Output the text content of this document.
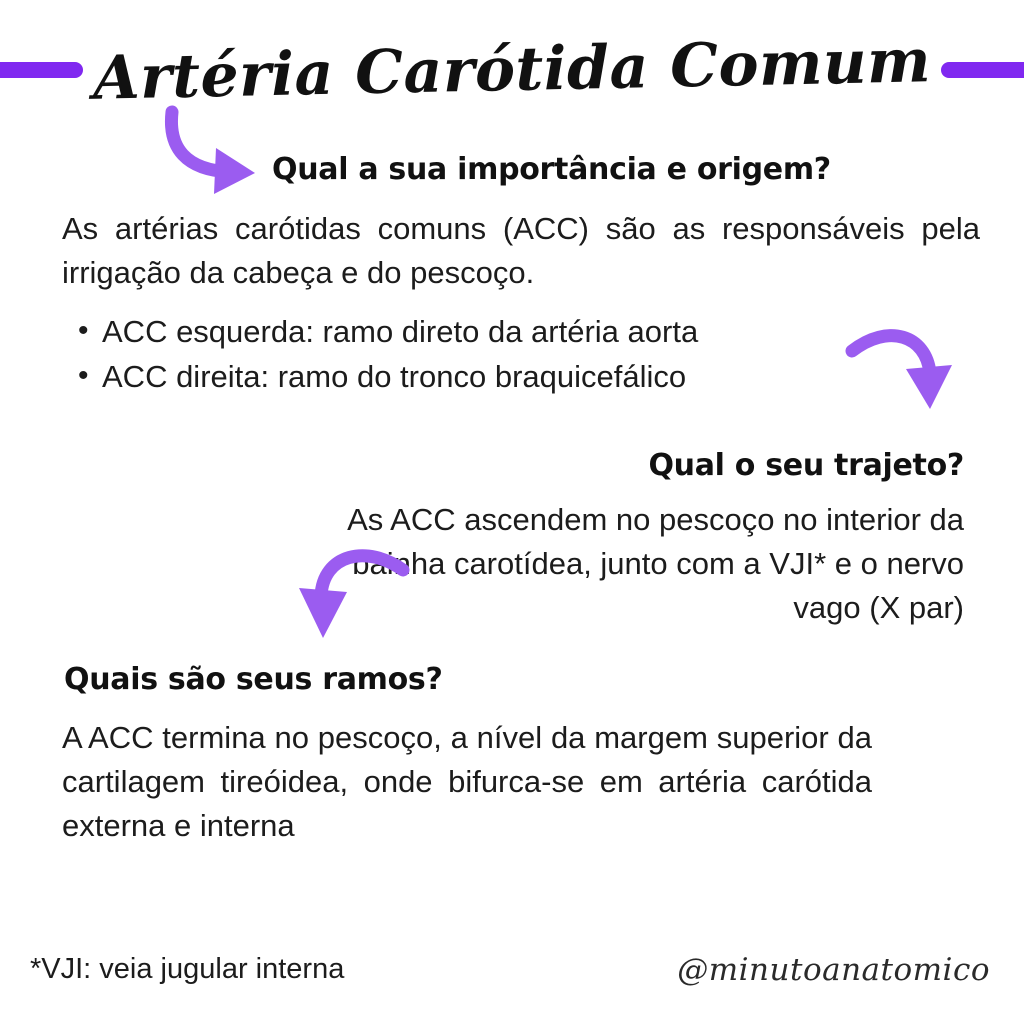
Artéria Carótida Comum
Qual a sua importância e origem?
As artérias carótidas comuns (ACC) são as responsáveis pela irrigação da cabeça e do pescoço.
• ACC esquerda: ramo direto da artéria aorta
• ACC direita: ramo do tronco braquicefálico
Qual o seu trajeto?
As ACC ascendem no pescoço no interior da bainha carotídea, junto com a VJI* e o nervo vago (X par)
Quais são seus ramos?
A ACC termina no pescoço, a nível da margem superior da cartilagem tireóidea, onde bifurca-se em artéria carótida externa e interna
*VJI: veia jugular interna	@minutoanatomico
